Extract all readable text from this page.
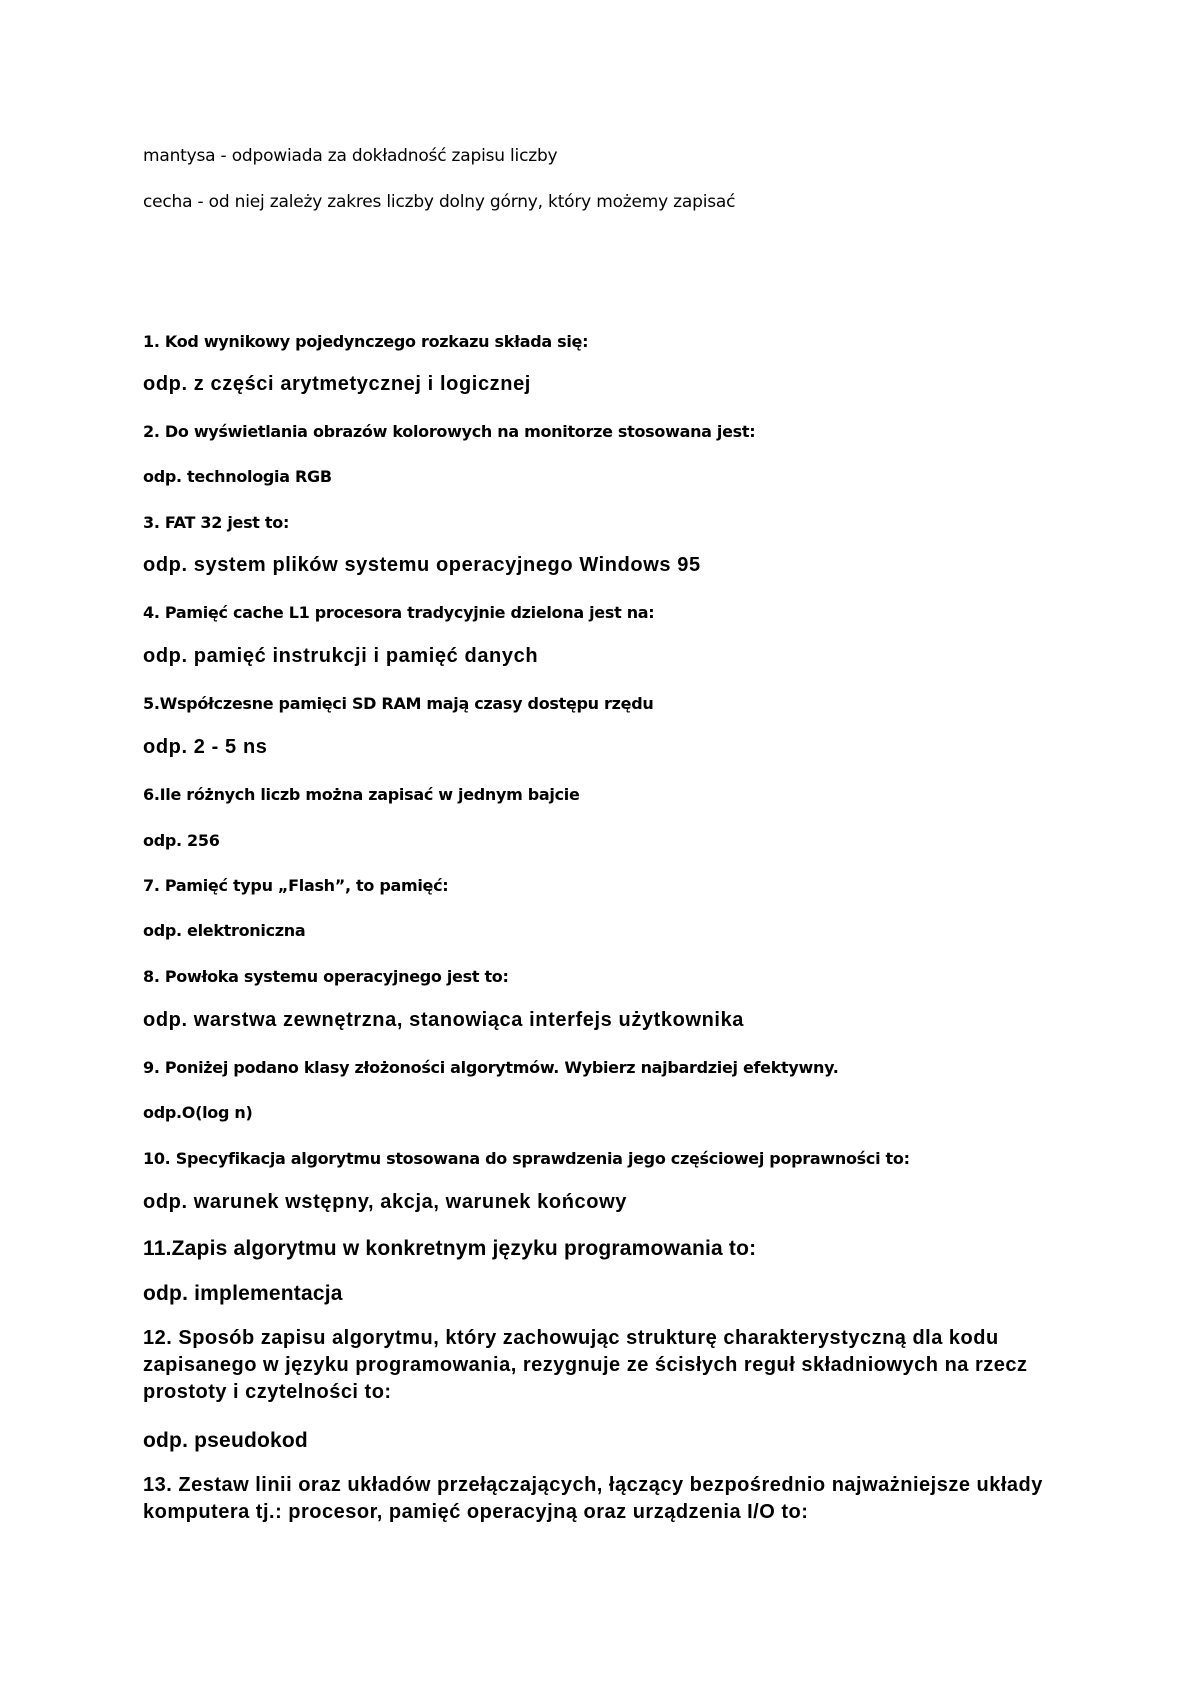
mantysa - odpowiada za dokładność zapisu liczby

cecha - od niej zależy zakres liczby dolny górny, który możemy zapisać

1. Kod wynikowy pojedynczego rozkazu składa się:

odp. z części arytmetycznej i logicznej

2. Do wyświetlania obrazów kolorowych na monitorze stosowana jest:

odp. technologia RGB

3. FAT 32 jest to:

odp. system plików systemu operacyjnego Windows 95

4. Pamięć cache L1 procesora tradycyjnie dzielona jest na:

odp. pamięć instrukcji i pamięć danych

5.Współczesne pamięci SD RAM mają czasy dostępu rzędu

odp. 2 - 5 ns

6.Ile różnych liczb można zapisać w jednym bajcie

odp. 256

7. Pamięć typu „Flash”, to pamięć:

odp. elektroniczna

8. Powłoka systemu operacyjnego jest to:

odp. warstwa zewnętrzna, stanowiąca interfejs użytkownika

9. Poniżej podano klasy złożoności algorytmów. Wybierz najbardziej efektywny.

odp.O(log n)

10. Specyfikacja algorytmu stosowana do sprawdzenia jego częściowej poprawności to:

odp. warunek wstępny, akcja, warunek końcowy

11.Zapis algorytmu w konkretnym języku programowania to:

odp. implementacja

12. Sposób zapisu algorytmu, który zachowując strukturę charakterystyczną dla kodu zapisanego w języku programowania, rezygnuje ze ścisłych reguł składniowych na rzecz prostoty i czytelności to:

odp. pseudokod

13. Zestaw linii oraz układów przełączających, łączący bezpośrednio najważniejsze układy komputera tj.: procesor, pamięć operacyjną oraz urządzenia I/O to:
